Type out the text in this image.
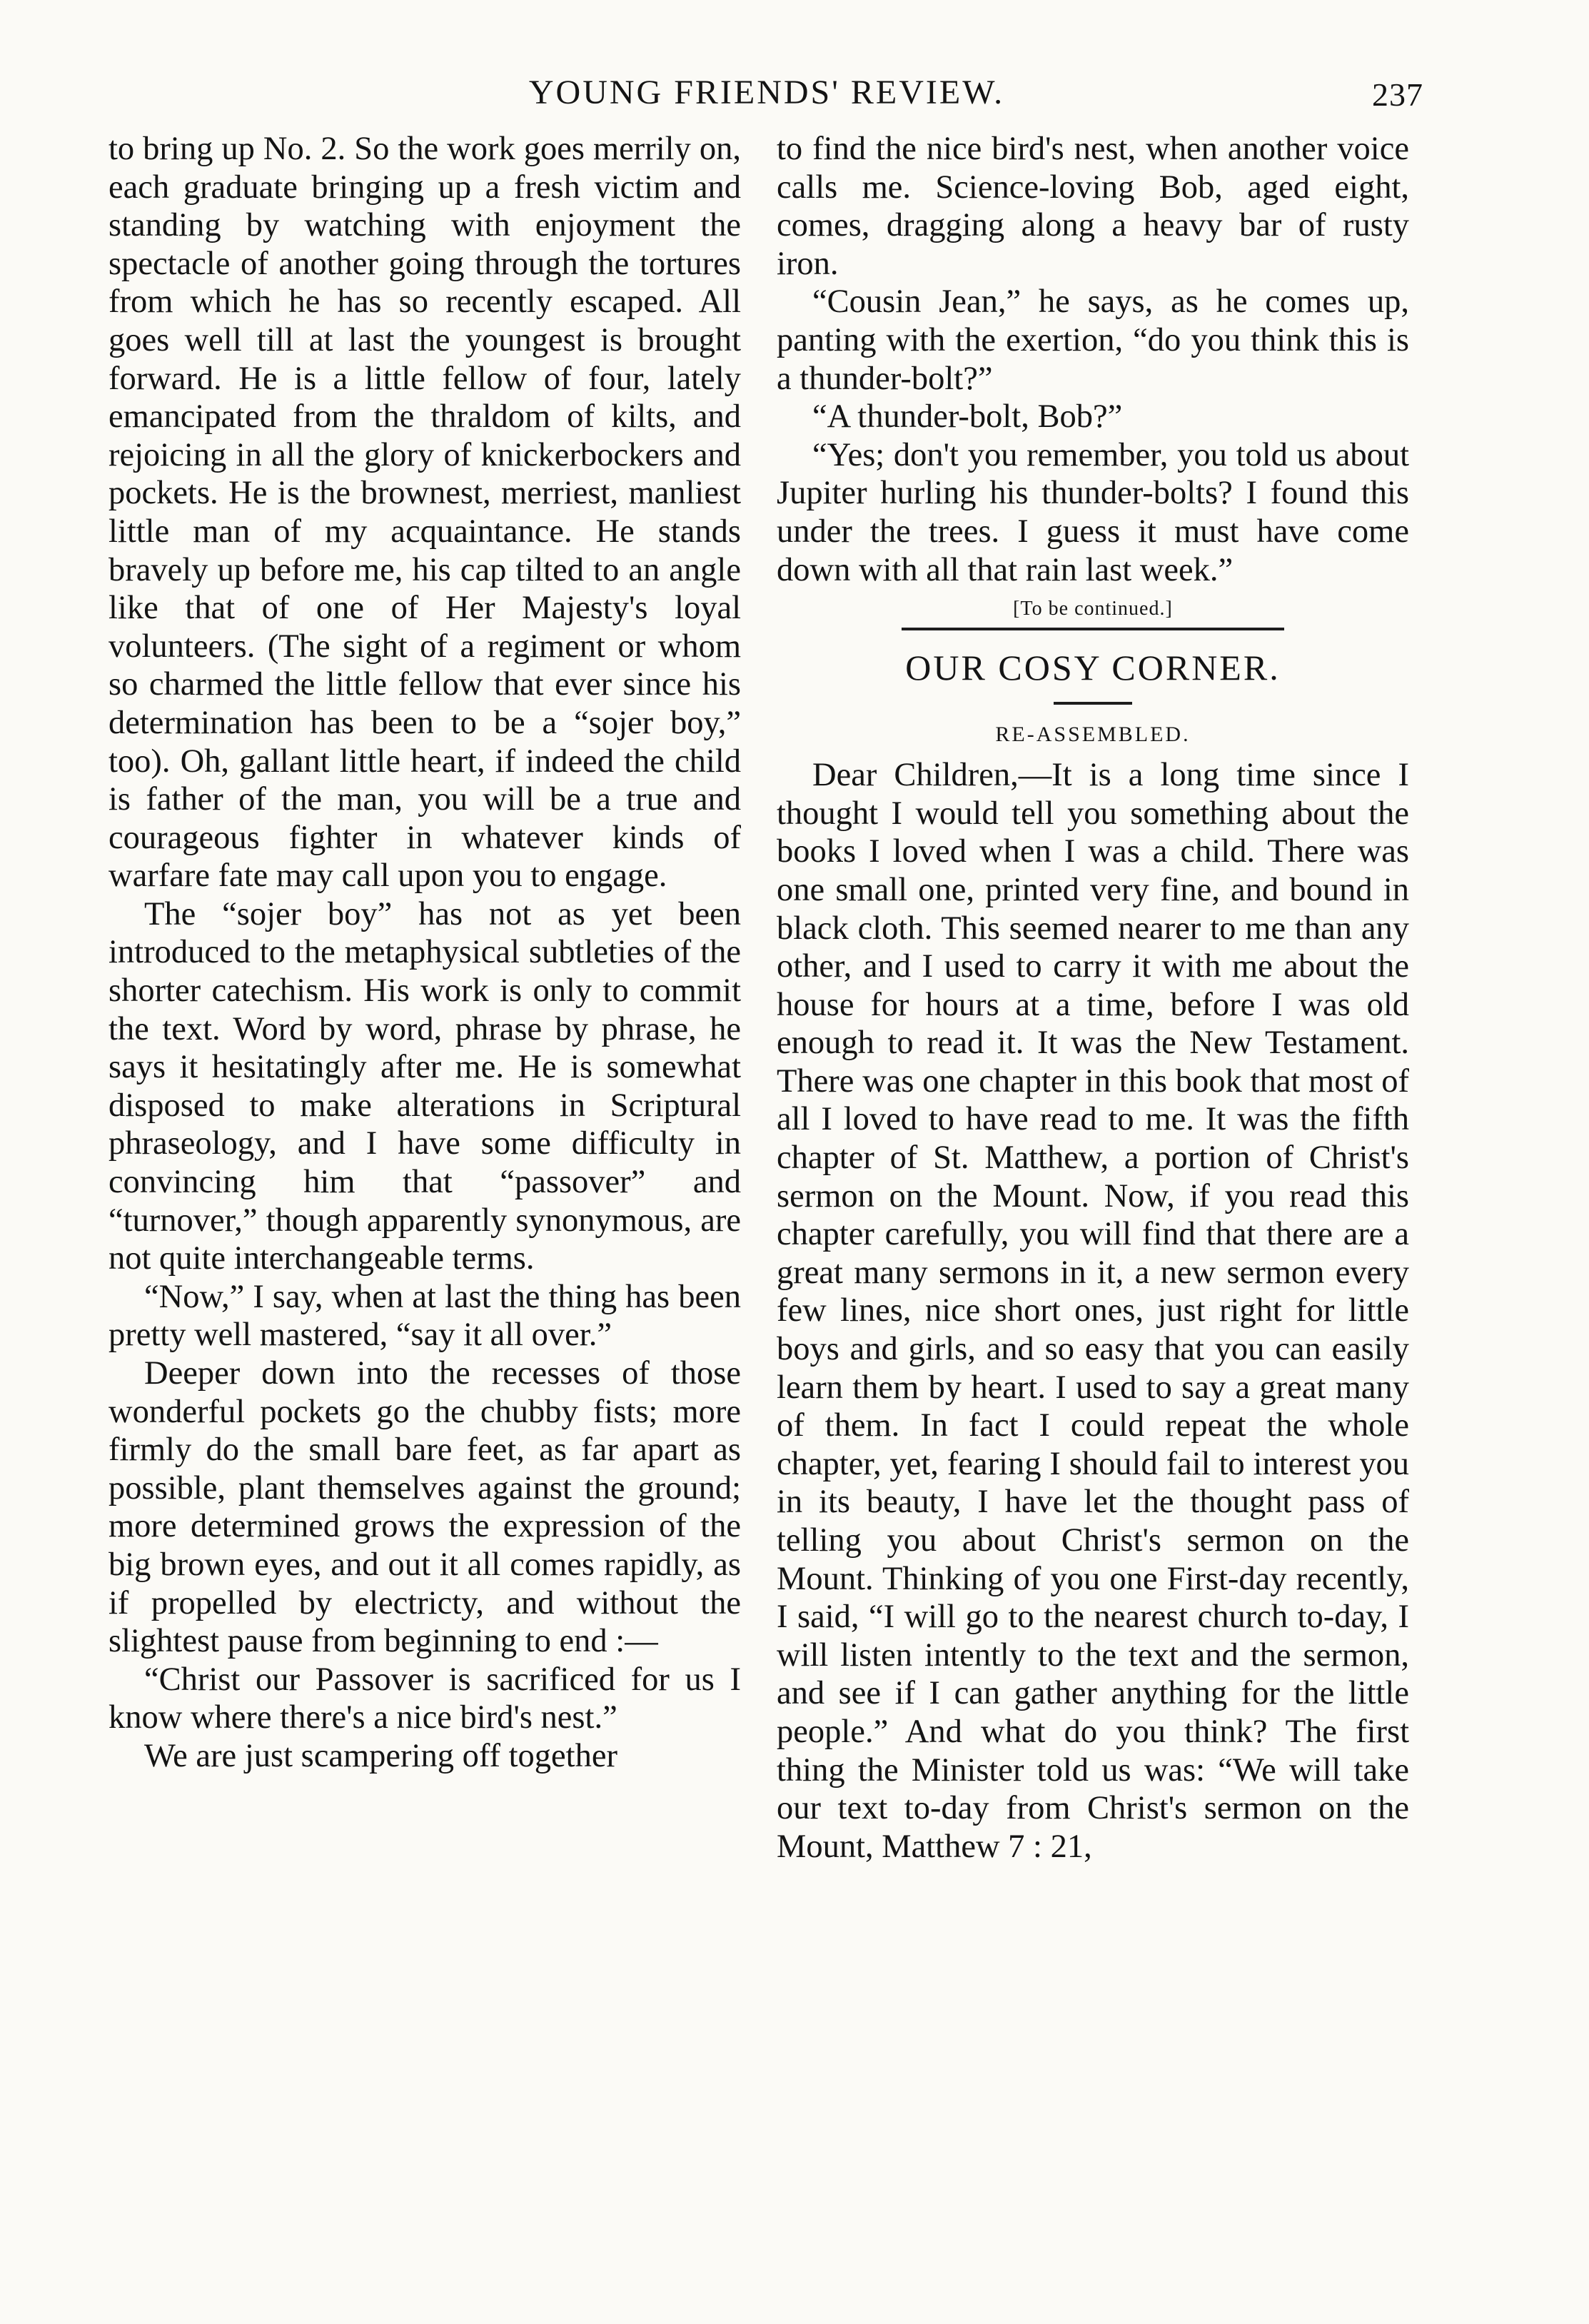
YOUNG FRIENDS' REVIEW.	237

to bring up No. 2. So the work goes merrily on, each graduate bringing up a fresh victim and standing by watching with enjoyment the spectacle of another going through the tortures from which he has so recently escaped. All goes well till at last the youngest is brought forward. He is a little fellow of four, lately emancipated from the thraldom of kilts, and rejoicing in all the glory of knickerbockers and pockets. He is the brownest, merriest, manliest little man of my acquaintance. He stands bravely up before me, his cap tilted to an angle like that of one of Her Majesty's loyal volunteers. (The sight of a regiment or whom so charmed the little fellow that ever since his determination has been to be a “sojer boy,” too). Oh, gallant little heart, if indeed the child is father of the man, you will be a true and courageous fighter in whatever kinds of warfare fate may call upon you to engage.

The “sojer boy” has not as yet been introduced to the metaphysical subtleties of the shorter catechism. His work is only to commit the text. Word by word, phrase by phrase, he says it hesitatingly after me. He is somewhat disposed to make alterations in Scriptural phraseology, and I have some difficulty in convincing him that “passover” and “turnover,” though apparently synonymous, are not quite interchangeable terms.

“Now,” I say, when at last the thing has been pretty well mastered, “say it all over.”

Deeper down into the recesses of those wonderful pockets go the chubby fists; more firmly do the small bare feet, as far apart as possible, plant themselves against the ground; more determined grows the expression of the big brown eyes, and out it all comes rapidly, as if propelled by electricty, and without the slightest pause from beginning to end :—

“Christ our Passover is sacrificed for us I know where there's a nice bird's nest.”

We are just scampering off together

to find the nice bird's nest, when another voice calls me. Science-loving Bob, aged eight, comes, dragging along a heavy bar of rusty iron.

“Cousin Jean,” he says, as he comes up, panting with the exertion, “do you think this is a thunder-bolt?”

“A thunder-bolt, Bob?”

“Yes; don't you remember, you told us about Jupiter hurling his thunder-bolts? I found this under the trees. I guess it must have come down with all that rain last week.”

[To be continued.]
OUR COSY CORNER.
RE-ASSEMBLED.

Dear Children,—It is a long time since I thought I would tell you something about the books I loved when I was a child. There was one small one, printed very fine, and bound in black cloth. This seemed nearer to me than any other, and I used to carry it with me about the house for hours at a time, before I was old enough to read it. It was the New Testament. There was one chapter in this book that most of all I loved to have read to me. It was the fifth chapter of St. Matthew, a portion of Christ's sermon on the Mount. Now, if you read this chapter carefully, you will find that there are a great many sermons in it, a new sermon every few lines, nice short ones, just right for little boys and girls, and so easy that you can easily learn them by heart. I used to say a great many of them. In fact I could repeat the whole chapter, yet, fearing I should fail to interest you in its beauty, I have let the thought pass of telling you about Christ's sermon on the Mount. Thinking of you one First-day recently, I said, “I will go to the nearest church to-day, I will listen intently to the text and the sermon, and see if I can gather anything for the little people.” And what do you think? The first thing the Minister told us was: “We will take our text to-day from Christ's sermon on the Mount, Matthew 7 : 21,
